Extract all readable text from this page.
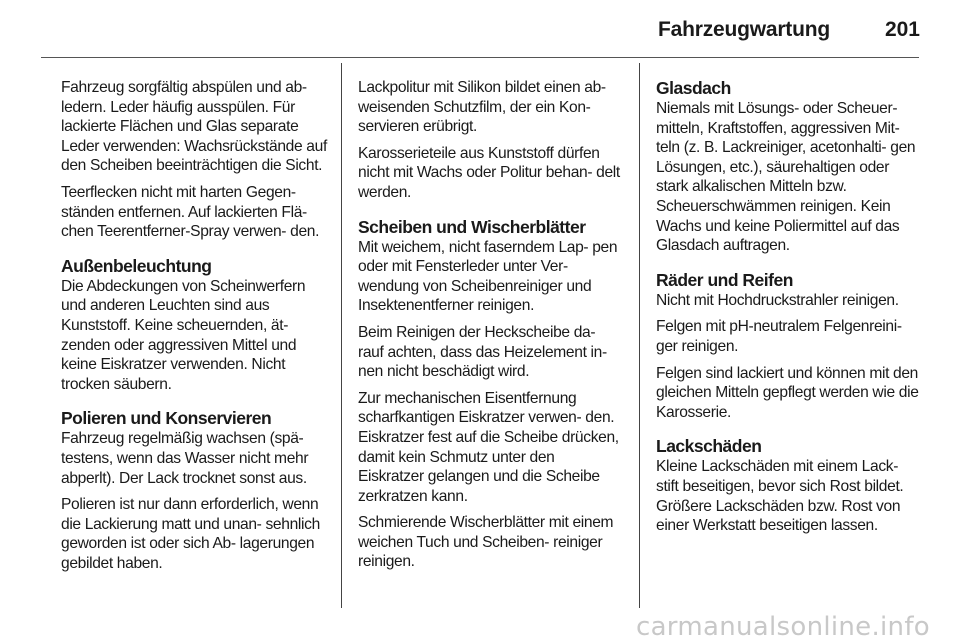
Fahrzeugwartung	201

Fahrzeug sorgfältig abspülen und ab- ledern. Leder häufig ausspülen. Für lackierte Flächen und Glas separate Leder verwenden: Wachsrückstände auf den Scheiben beeinträchtigen die Sicht.

Teerflecken nicht mit harten Gegen- ständen entfernen. Auf lackierten Flä- chen Teerentferner-Spray verwen- den.

Außenbeleuchtung

Die Abdeckungen von Scheinwerfern und anderen Leuchten sind aus Kunststoff. Keine scheuernden, ät- zenden oder aggressiven Mittel und keine Eiskratzer verwenden. Nicht trocken säubern.

Polieren und Konservieren

Fahrzeug regelmäßig wachsen (spä- testens, wenn das Wasser nicht mehr abperlt). Der Lack trocknet sonst aus.

Polieren ist nur dann erforderlich, wenn die Lackierung matt und unan- sehnlich geworden ist oder sich Ab- lagerungen gebildet haben.

Lackpolitur mit Silikon bildet einen ab- weisenden Schutzfilm, der ein Kon- servieren erübrigt.

Karosserieteile aus Kunststoff dürfen nicht mit Wachs oder Politur behan- delt werden.

Scheiben und Wischerblätter

Mit weichem, nicht faserndem Lap- pen oder mit Fensterleder unter Ver- wendung von Scheibenreiniger und Insektenentferner reinigen.

Beim Reinigen der Heckscheibe da- rauf achten, dass das Heizelement in- nen nicht beschädigt wird.

Zur mechanischen Eisentfernung scharfkantigen Eiskratzer verwen- den. Eiskratzer fest auf die Scheibe drücken, damit kein Schmutz unter den Eiskratzer gelangen und die Scheibe zerkratzen kann.

Schmierende Wischerblätter mit einem weichen Tuch und Scheiben- reiniger reinigen.

Glasdach

Niemals mit Lösungs- oder Scheuer- mitteln, Kraftstoffen, aggressiven Mit- teln (z. B. Lackreiniger, acetonhalti- gen Lösungen, etc.), säurehaltigen oder stark alkalischen Mitteln bzw. Scheuerschwämmen reinigen. Kein Wachs und keine Poliermittel auf das Glasdach auftragen.

Räder und Reifen

Nicht mit Hochdruckstrahler reinigen.

Felgen mit pH-neutralem Felgenreini- ger reinigen.

Felgen sind lackiert und können mit den gleichen Mitteln gepflegt werden wie die Karosserie.

Lackschäden

Kleine Lackschäden mit einem Lack- stift beseitigen, bevor sich Rost bildet. Größere Lackschäden bzw. Rost von einer Werkstatt beseitigen lassen.

carmanualsonline.info
